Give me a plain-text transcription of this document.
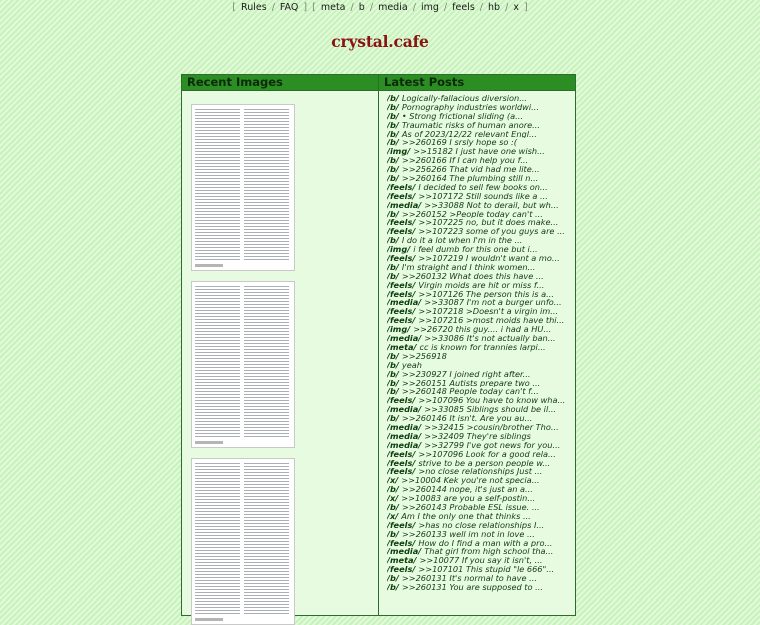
[ Rules / FAQ ] [ meta / b / media / img / feels / hb / x ]
crystal.cafe
Recent Images	Latest Posts
/b/ Logically-fallacious diversion...
/b/ Pornography industries worldwi...
/b/ • Strong frictional sliding (a...
/b/ Traumatic risks of human anore...
/b/ As of 2023/12/22 relevant Engl...
/b/ >>260169 I srsly hope so :(
/img/ >>15182 I just have one wish...
/b/ >>260166 If I can help you f...
/b/ >>256266 That vid had me lite...
/b/ >>260164 The plumbing still n...
/feels/ I decided to sell few books on...
/feels/ >>107172 Still sounds like a ...
/media/ >>33088 Not to derail, but wh...
/b/ >>260152 >People today can't ...
/feels/ >>107225 no, but it does make...
/feels/ >>107223 some of you guys are ...
/b/ I do it a lot when I'm in the ...
/img/ i feel dumb for this one but i...
/feels/ >>107219 I wouldn't want a mo...
/b/ I'm straight and I think women...
/b/ >>260132 What does this have ...
/feels/ Virgin moids are hit or miss f...
/feels/ >>107126 The person this is a...
/media/ >>33087 I'm not a burger unfo...
/feels/ >>107218 >Doesn't a virgin im...
/feels/ >>107216 >most moids have thi...
/img/ >>26720 this guy.... i had a HU...
/media/ >>33086 It's not actually ban...
/meta/ cc is known for trannies larpi...
/b/ >>256918
/b/ yeah
/b/ >>230927 I joined right after...
/b/ >>260151 Autists prepare two ...
/b/ >>260148 People today can't f...
/feels/ >>107096 You have to know wha...
/media/ >>33085 Siblings should be il...
/b/ >>260146 It isn't. Are you au...
/media/ >>32415 >cousin/brother Tho...
/media/ >>32409 They're siblings
/media/ >>32799 I've got news for you...
/feels/ >>107096 Look for a good rela...
/feels/ strive to be a person people w...
/feels/ >no close relationships Just ...
/x/ >>10004 Kek you're not specia...
/b/ >>260144 nope, it's just an a...
/x/ >>10083 are you a self-postin...
/b/ >>260143 Probable ESL issue. ...
/x/ Am I the only one that thinks ...
/feels/ >has no close relationships I...
/b/ >>260133 well im not in love ...
/feels/ How do I find a man with a pro...
/media/ That girl from high school tha...
/meta/ >>10077 If you say it isn't, ...
/feels/ >>107101 This stupid "le 666"...
/b/ >>260131 It's normal to have ...
/b/ >>260131 You are supposed to ...
